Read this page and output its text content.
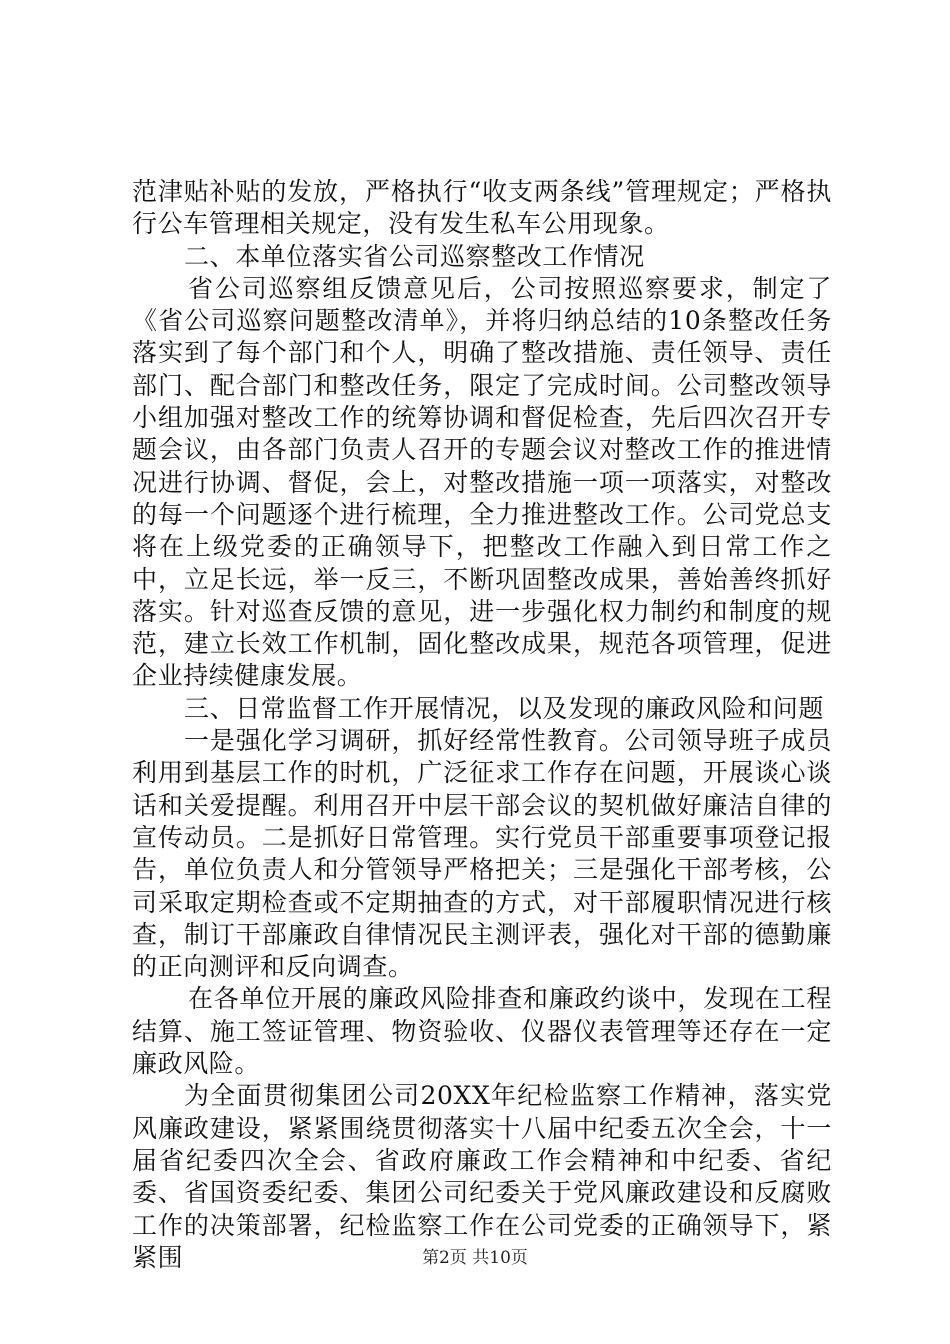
范津贴补贴的发放，严格执行“收支两条线”管理规定；严格执行公车管理相关规定，没有发生私车公用现象。

二、本单位落实省公司巡察整改工作情况

省公司巡察组反馈意见后，公司按照巡察要求，制定了《省公司巡察问题整改清单》，并将归纳总结的10条整改任务落实到了每个部门和个人，明确了整改措施、责任领导、责任部门、配合部门和整改任务，限定了完成时间。公司整改领导小组加强对整改工作的统筹协调和督促检查，先后四次召开专题会议，由各部门负责人召开的专题会议对整改工作的推进情况进行协调、督促，会上，对整改措施一项一项落实，对整改的每一个问题逐个进行梳理，全力推进整改工作。公司党总支将在上级党委的正确领导下，把整改工作融入到日常工作之中，立足长远，举一反三，不断巩固整改成果，善始善终抓好落实。针对巡查反馈的意见，进一步强化权力制约和制度的规范，建立长效工作机制，固化整改成果，规范各项管理，促进企业持续健康发展。

三、日常监督工作开展情况，以及发现的廉政风险和问题

一是强化学习调研，抓好经常性教育。公司领导班子成员利用到基层工作的时机，广泛征求工作存在问题，开展谈心谈话和关爱提醒。利用召开中层干部会议的契机做好廉洁自律的宣传动员。二是抓好日常管理。实行党员干部重要事项登记报告，单位负责人和分管领导严格把关；三是强化干部考核，公司采取定期检查或不定期抽查的方式，对干部履职情况进行核查，制订干部廉政自律情况民主测评表，强化对干部的德勤廉的正向测评和反向调查。

在各单位开展的廉政风险排查和廉政约谈中，发现在工程结算、施工签证管理、物资验收、仪器仪表管理等还存在一定廉政风险。

为全面贯彻集团公司20XX年纪检监察工作精神，落实党风廉政建设，紧紧围绕贯彻落实十八届中纪委五次全会，十一届省纪委四次全会、省政府廉政工作会精神和中纪委、省纪委、省国资委纪委、集团公司纪委关于党风廉政建设和反腐败工作的决策部署，纪检监察工作在公司党委的正确领导下，紧紧围	第2页 共10页
